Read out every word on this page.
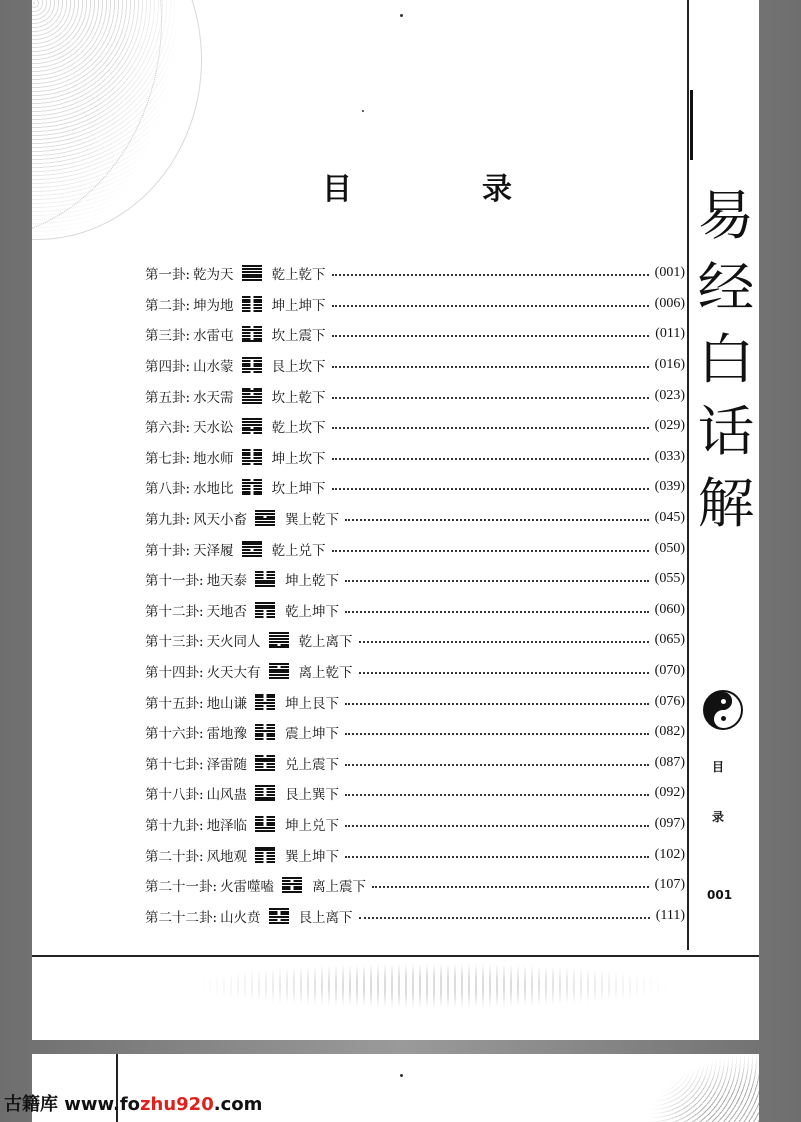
目	录
第一卦: 乾为天	乾上乾下	(001)
第二卦: 坤为地	坤上坤下	(006)
第三卦: 水雷屯	坎上震下	(011)
第四卦: 山水蒙	艮上坎下	(016)
第五卦: 水天需	坎上乾下	(023)
第六卦: 天水讼	乾上坎下	(029)
第七卦: 地水师	坤上坎下	(033)
第八卦: 水地比	坎上坤下	(039)
第九卦: 风天小畜	巽上乾下	(045)
第十卦: 天泽履	乾上兑下	(050)
第十一卦: 地天泰	坤上乾下	(055)
第十二卦: 天地否	乾上坤下	(060)
第十三卦: 天火同人	乾上离下	(065)
第十四卦: 火天大有	离上乾下	(070)
第十五卦: 地山谦	坤上艮下	(076)
第十六卦: 雷地豫	震上坤下	(082)
第十七卦: 泽雷随	兑上震下	(087)
第十八卦: 山风蛊	艮上巽下	(092)
第十九卦: 地泽临	坤上兑下	(097)
第二十卦: 风地观	巽上坤下	(102)
第二十一卦: 火雷噬嗑	离上震下	(107)
第二十二卦: 山火贲	艮上离下	(111)
易
经
白
话
解
目
录
001
古籍库 www.fozhu920.com
